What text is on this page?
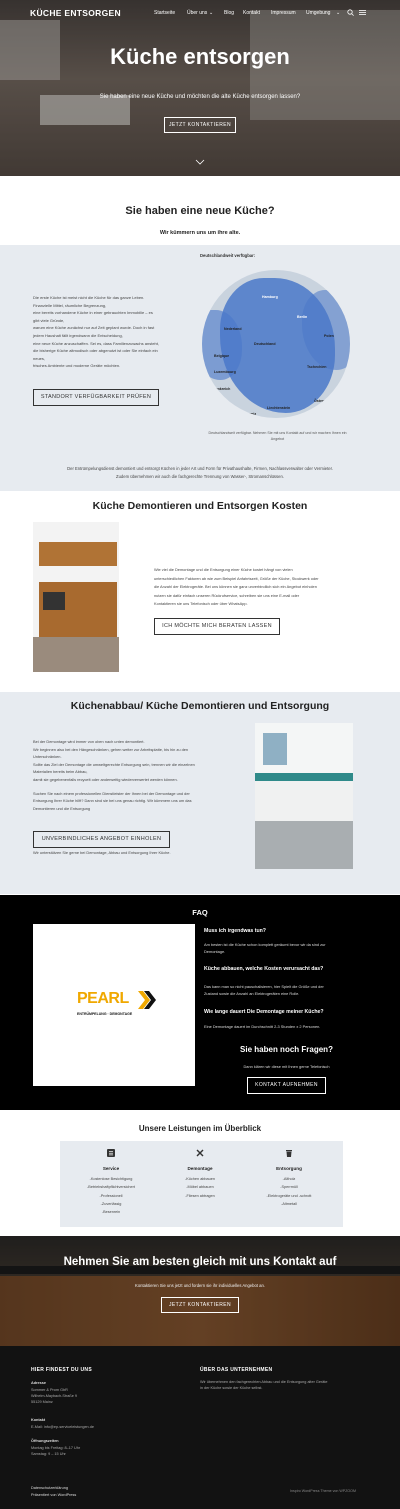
KÜCHE ENTSORGEN	Startseite Über uns ⌄ Blog Kontakt Impressum Umgebung ⌄
Küche entsorgen
Sie haben eine neue Küche und möchten die alte Küche entsorgen lassen?
JETZT KONTAKTIEREN
Sie haben eine neue Küche?
Wir kümmern uns um ihre alte.
Die erste Küche ist meist nicht die Küche für das ganze Leben.
Finanzielle Mittel, räumliche Begrenzung,
eine bereits vorhandene Küche in einer gebrauchten Immobilie – es
gibt viele Gründe,
warum eine Küche zunächst nur auf Zeit geplant wurde. Doch in fast
jedem Haushalt fällt irgendwann die Entscheidung,
eine neue Küche anzuschaffen. Sei es, dass Familienzuwachs ansteht,
die bisherige Küche altmodisch oder abgenutzt ist oder Sie einfach ein
neues,
frisches Ambiente und moderne Geräte möchten.
STANDORT VERFÜGBARKEIT PRÜFEN
Deutschlandweit verfügbar:
Hamburg
Nederland
Berlin
Deutschland
Polen
Belgique
Luxembourg
Tschechien
Frankreich
Österreich
Liechtenstein
Schweiz
Deutschlandweit verfügbar. Nehmen Sie mit uns Kontakt auf und wir machen Ihnen ein
Angebot
Der Entrümpelungsdienst demontiert und entsorgt Küchen in jeder Art und Form für Privathaushalte, Firmen, Nachlassverwalter oder Vermieter.
Zudem übernehmen wir auch die fachgerechte Trennung von Wasser-, Stromanschlüssen.
Küche Demontieren und Entsorgen Kosten
Wie viel die Demontage und die Entsorgung einer Küche kostet hängt von vielen
unterschiedlichen Faktoren ab wie zum Beispiel Anfahrtszeit, Größe der Küche, Stockwerk oder
die Anzahl der Elektrogeräte. Bei uns können sie ganz unverbindlich sich ein Angebot einholen
nutzen sie dafür einfach unseren Rückrufservice, schreiben sie uns eine E-mail oder
Kontaktieren sie uns Telefonisch oder über WhatsApp.
ICH MÖCHTE MICH BERATEN LASSEN
Küchenabbau/ Küche Demontieren und Entsorgung
Bei der Demontage wird immer von oben nach unten demontiert.
Wir beginnen also bei den Hängeschränken, gehen weiter zur Arbeitsplatte, bis hin zu den
Unterschränken.
Sollte das Ziel der Demontage die umweltgerechte Entsorgung sein, trennen wir die einzelnen
Materialien bereits beim Abbau,
damit sie gegebenenfalls recycelt oder anderweitig wiederverwertet werden können.
Suchen Sie nach einem professionellen Dienstleister der Ihnen bei der Demontage und der
Entsorgung Ihrer Küche hilft? Dann sind sie bei uns genau richtig. Wir kümmern uns um das
Demontieren und die Entsorgung
UNVERBINDLICHES ANGEBOT EINHOLEN
Wir unterstützen Sie gerne bei Demontage, Abbau und Entsorgung Ihrer Küche.
FAQ
PEARL
ENTRÜMPELUNG · DEMONTAGE
Muss ich irgendwas tun?
Am besten ist die Küche schon komplett geräumt bevor wir da sind zur
Demontage.
Küche abbauen, welche Kosten verursacht das?
Das kann man so nicht pauschalisieren, hier Spielt die Größe und der
Zustand sowie die Anzahl an Elektrogeräten eine Rolle.
Wie lange dauert Die Demontage meiner Küche?
Eine Demontage dauert im Durchschnitt 2-3 Stunden x 2 Personen.
Sie haben noch Fragen?
Dann klären wir diese mit Ihnen gerne Telefonisch
KONTAKT AUFNEHMEN
Unsere Leistungen im Überblick
Service
-Kostenlose Besichtigung
-Betriebshaftpflichtversichert
-Professionell
-Zuverlässig
-Besenrein
Demontage
-Küchen abbauen
-Möbel abbauen
-Fliesen abtragen
Entsorgung
-Altholz
-Sperrmüll
-Elektrogeräte und -schrott
-Altmetall
Nehmen Sie am besten gleich mit uns Kontakt auf
Kontaktieren Sie uns jetzt und fordern sie ihr individuelles Angebot an.
JETZT KONTAKTIEREN
HIER FINDEST DU UNS
Adresse
Sommer & Prom GbR
Wilhelm-Maybach-Straße 9
55129 Mainz
Kontakt
E-Mail: info@ep-serviceleistungen.de
Öffnungszeiten
Montag bis Freitag: 8–17 Uhr
Samstag: 9 – 15 Uhr
ÜBER DAS UNTERNEHMEN
Wir übernehmen den fachgerechten Abbau und die Entsorgung alter Geräte
in der Küche sowie der Küche selbst.
Datenschutzerklärung
Präsentiert von WordPress
Inspiro WordPress Theme von WPZOOM
